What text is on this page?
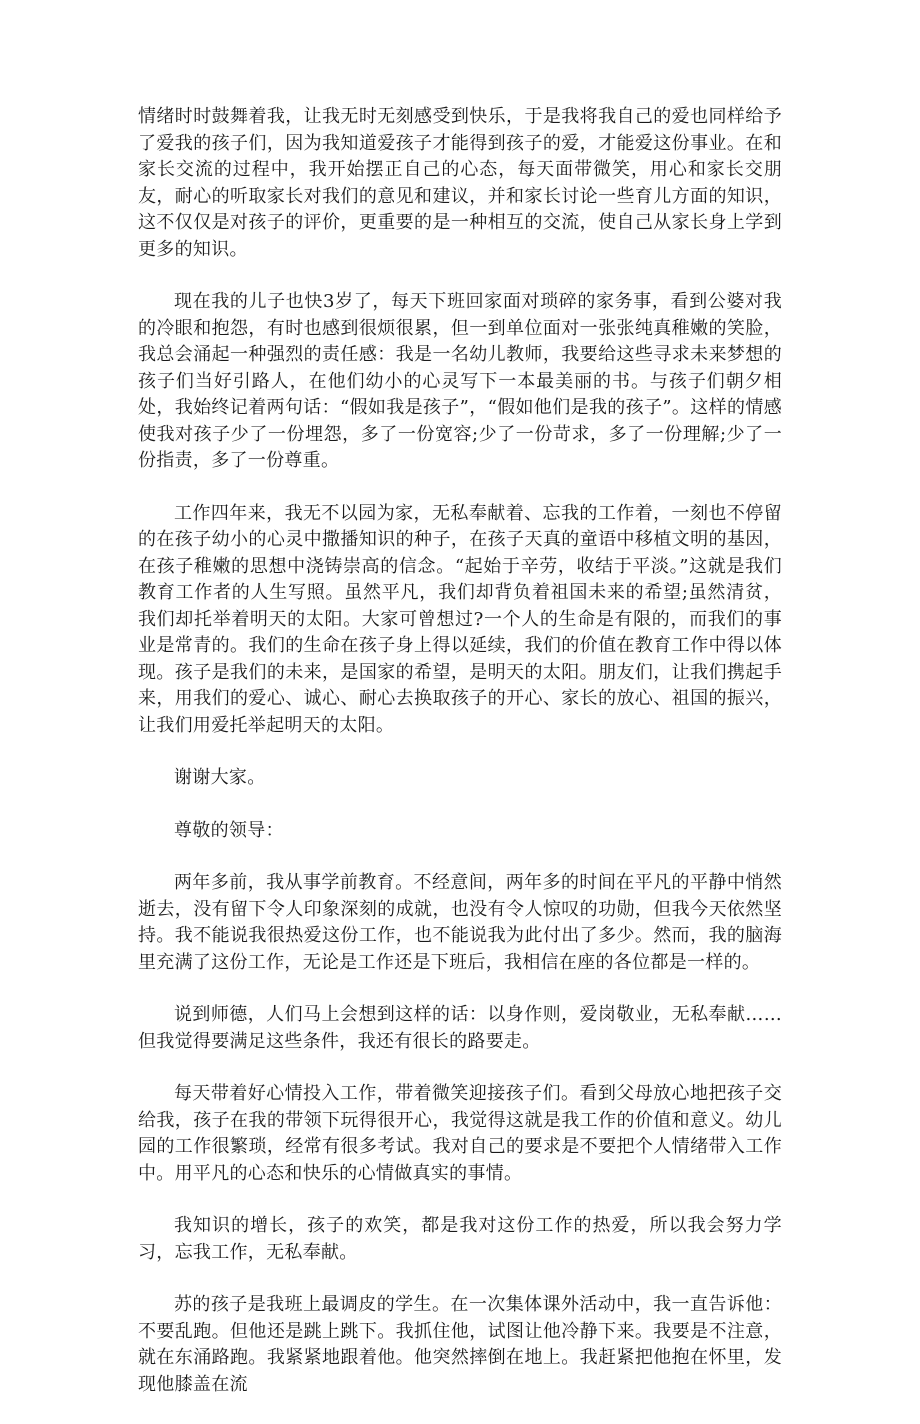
情绪时时鼓舞着我，让我无时无刻感受到快乐，于是我将我自己的爱也同样给予了爱我的孩子们，因为我知道爱孩子才能得到孩子的爱，才能爱这份事业。在和家长交流的过程中，我开始摆正自己的心态，每天面带微笑，用心和家长交朋友，耐心的听取家长对我们的意见和建议，并和家长讨论一些育儿方面的知识，这不仅仅是对孩子的评价，更重要的是一种相互的交流，使自己从家长身上学到更多的知识。

现在我的儿子也快3岁了，每天下班回家面对琐碎的家务事，看到公婆对我的冷眼和抱怨，有时也感到很烦很累，但一到单位面对一张张纯真稚嫩的笑脸，我总会涌起一种强烈的责任感：我是一名幼儿教师，我要给这些寻求未来梦想的孩子们当好引路人，在他们幼小的心灵写下一本最美丽的书。与孩子们朝夕相处，我始终记着两句话：“假如我是孩子”，“假如他们是我的孩子”。这样的情感使我对孩子少了一份埋怨，多了一份宽容;少了一份苛求，多了一份理解;少了一份指责，多了一份尊重。

工作四年来，我无不以园为家，无私奉献着、忘我的工作着，一刻也不停留的在孩子幼小的心灵中撒播知识的种子，在孩子天真的童语中移植文明的基因，在孩子稚嫩的思想中浇铸崇高的信念。“起始于辛劳，收结于平淡。”这就是我们教育工作者的人生写照。虽然平凡，我们却背负着祖国未来的希望;虽然清贫，我们却托举着明天的太阳。大家可曾想过?一个人的生命是有限的，而我们的事业是常青的。我们的生命在孩子身上得以延续，我们的价值在教育工作中得以体现。孩子是我们的未来，是国家的希望，是明天的太阳。朋友们，让我们携起手来，用我们的爱心、诚心、耐心去换取孩子的开心、家长的放心、祖国的振兴，让我们用爱托举起明天的太阳。

谢谢大家。

尊敬的领导：

两年多前，我从事学前教育。不经意间，两年多的时间在平凡的平静中悄然逝去，没有留下令人印象深刻的成就，也没有令人惊叹的功勋，但我今天依然坚持。我不能说我很热爱这份工作，也不能说我为此付出了多少。然而，我的脑海里充满了这份工作，无论是工作还是下班后，我相信在座的各位都是一样的。

说到师德，人们马上会想到这样的话：以身作则，爱岗敬业，无私奉献……但我觉得要满足这些条件，我还有很长的路要走。

每天带着好心情投入工作，带着微笑迎接孩子们。看到父母放心地把孩子交给我，孩子在我的带领下玩得很开心，我觉得这就是我工作的价值和意义。幼儿园的工作很繁琐，经常有很多考试。我对自己的要求是不要把个人情绪带入工作中。用平凡的心态和快乐的心情做真实的事情。

我知识的增长，孩子的欢笑，都是我对这份工作的热爱，所以我会努力学习，忘我工作，无私奉献。

苏的孩子是我班上最调皮的学生。在一次集体课外活动中，我一直告诉他：不要乱跑。但他还是跳上跳下。我抓住他，试图让他冷静下来。我要是不注意，就在东涌路跑。我紧紧地跟着他。他突然摔倒在地上。我赶紧把他抱在怀里，发现他膝盖在流
